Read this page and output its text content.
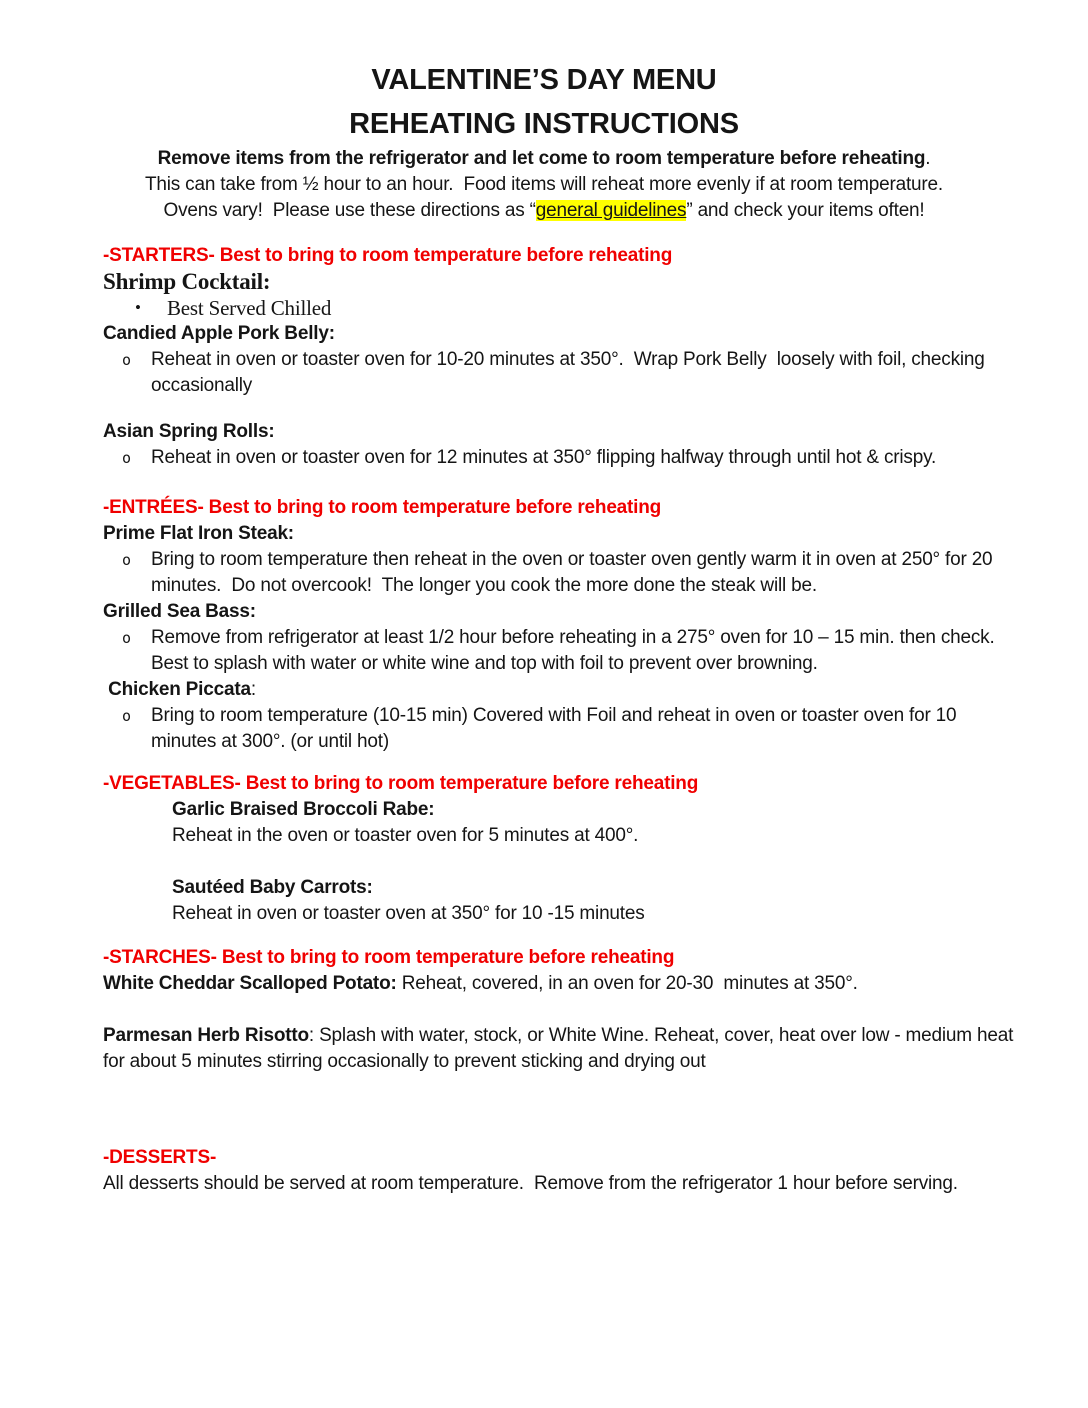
VALENTINE’S DAY MENU
REHEATING INSTRUCTIONS
Remove items from the refrigerator and let come to room temperature before reheating.
This can take from ½ hour to an hour.  Food items will reheat more evenly if at room temperature.
Ovens vary!  Please use these directions as “general guidelines” and check your items often!
-STARTERS- Best to bring to room temperature before reheating
Shrimp Cocktail:
• Best Served Chilled
Candied Apple Pork Belly:
o Reheat in oven or toaster oven for 10-20 minutes at 350°.  Wrap Pork Belly  loosely with foil, checking occasionally
Asian Spring Rolls:
o Reheat in oven or toaster oven for 12 minutes at 350° flipping halfway through until hot & crispy.
-ENTRÉES- Best to bring to room temperature before reheating
Prime Flat Iron Steak:
o Bring to room temperature then reheat in the oven or toaster oven gently warm it in oven at 250° for 20 minutes.  Do not overcook!  The longer you cook the more done the steak will be.
Grilled Sea Bass:
o Remove from refrigerator at least 1/2 hour before reheating in a 275° oven for 10 – 15 min. then check. Best to splash with water or white wine and top with foil to prevent over browning.
Chicken Piccata:
o Bring to room temperature (10-15 min) Covered with Foil and reheat in oven or toaster oven for 10 minutes at 300°. (or until hot)
-VEGETABLES- Best to bring to room temperature before reheating
Garlic Braised Broccoli Rabe:
Reheat in the oven or toaster oven for 5 minutes at 400°.
Sautéed Baby Carrots:
Reheat in oven or toaster oven at 350° for 10 -15 minutes
-STARCHES- Best to bring to room temperature before reheating
White Cheddar Scalloped Potato: Reheat, covered, in an oven for 20-30  minutes at 350°.
Parmesan Herb Risotto: Splash with water, stock, or White Wine. Reheat, cover, heat over low - medium heat for about 5 minutes stirring occasionally to prevent sticking and drying out
-DESSERTS-
All desserts should be served at room temperature.  Remove from the refrigerator 1 hour before serving.
